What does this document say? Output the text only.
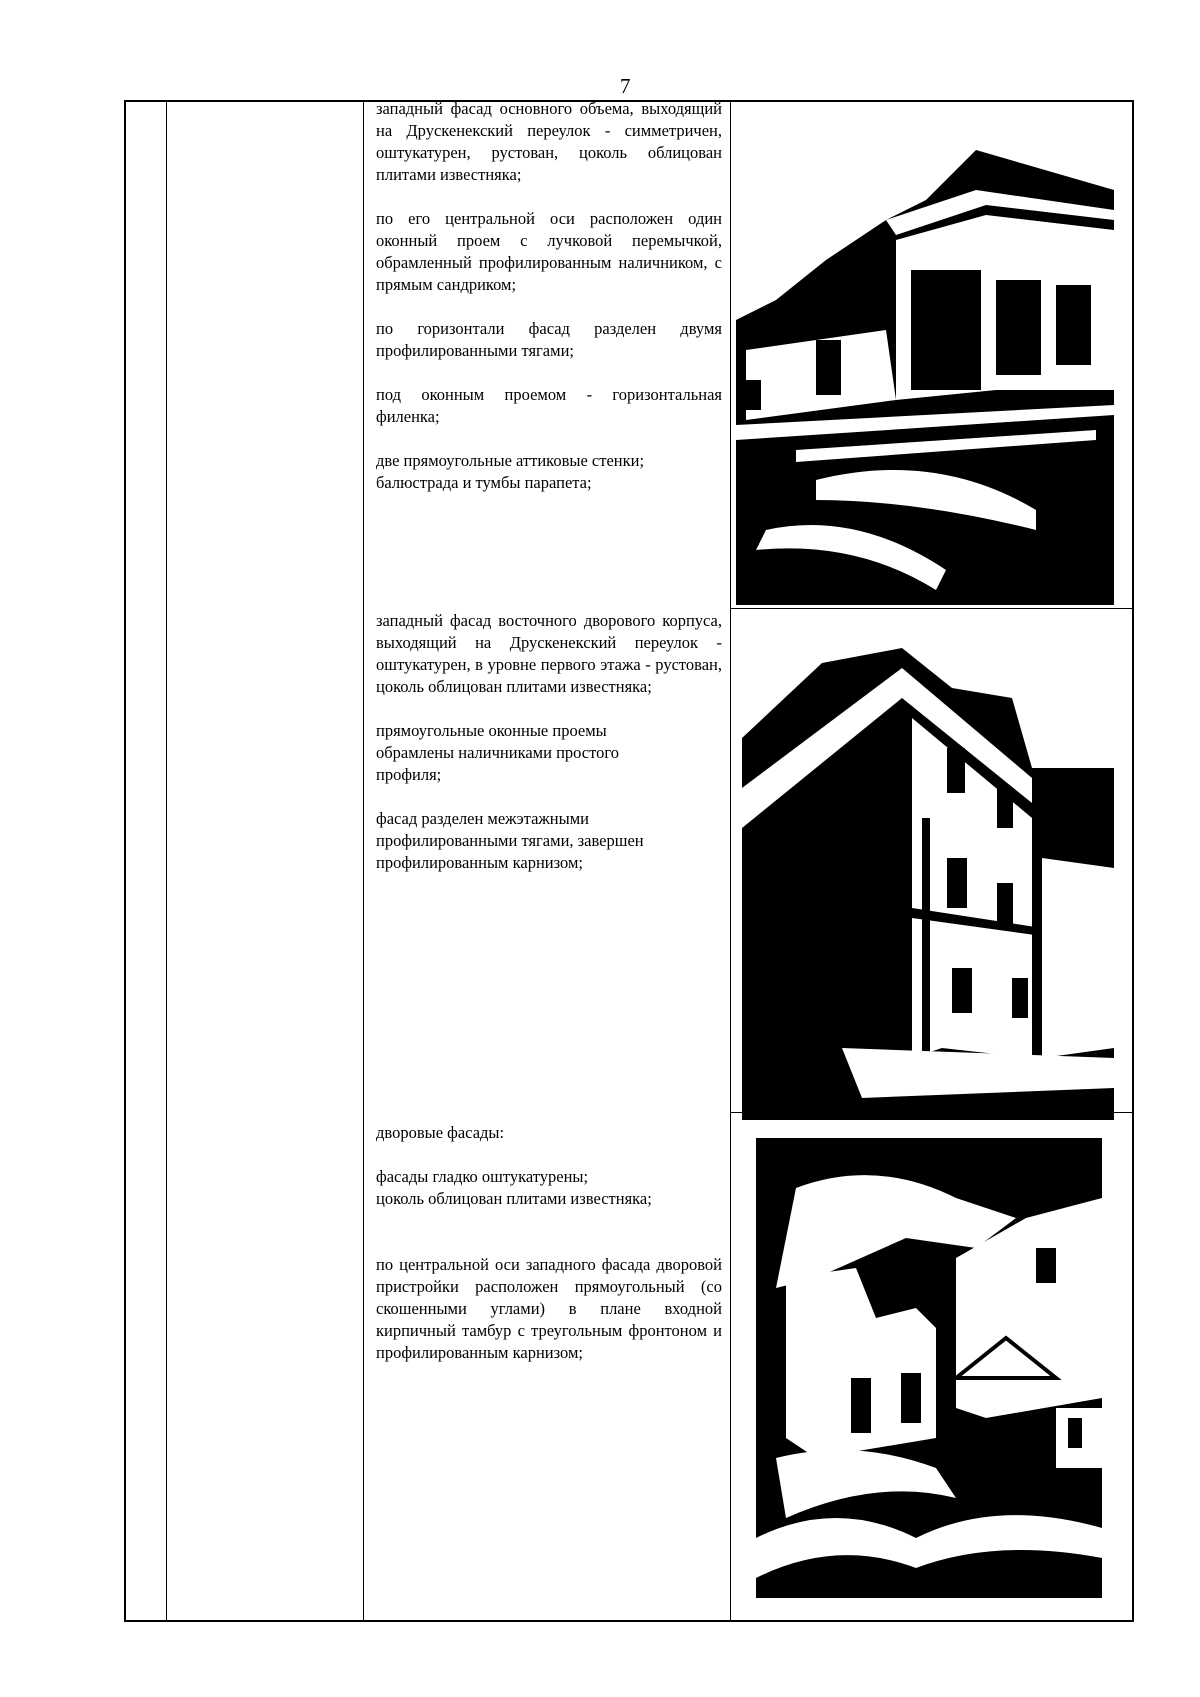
7

западный фасад основного объема, выходящий на Друскенекский переулок - симметричен, оштукатурен, рустован, цоколь облицован плитами известняка;

по его центральной оси расположен один оконный проем с лучковой перемычкой, обрамленный профилированным наличником, с прямым сандриком;

по горизонтали фасад разделен двумя профилированными тягами;

под оконным проемом - горизонтальная филенка;

две прямоугольные аттиковые стенки;

балюстрада и тумбы парапета;

западный фасад восточного дворового корпуса, выходящий на Друскенекский переулок - оштукатурен, в уровне первого этажа - рустован, цоколь облицован плитами известняка;

прямоугольные оконные проемы обрамлены наличниками простого профиля;

фасад разделен межэтажными профилированными тягами, завершен профилированным карнизом;

дворовые фасады:

фасады гладко оштукатурены;

цоколь облицован плитами известняка;

по центральной оси западного фасада дворовой пристройки расположен прямоугольный (со скошенными углами) в плане входной кирпичный тамбур с треугольным фронтоном и профилированным карнизом;
